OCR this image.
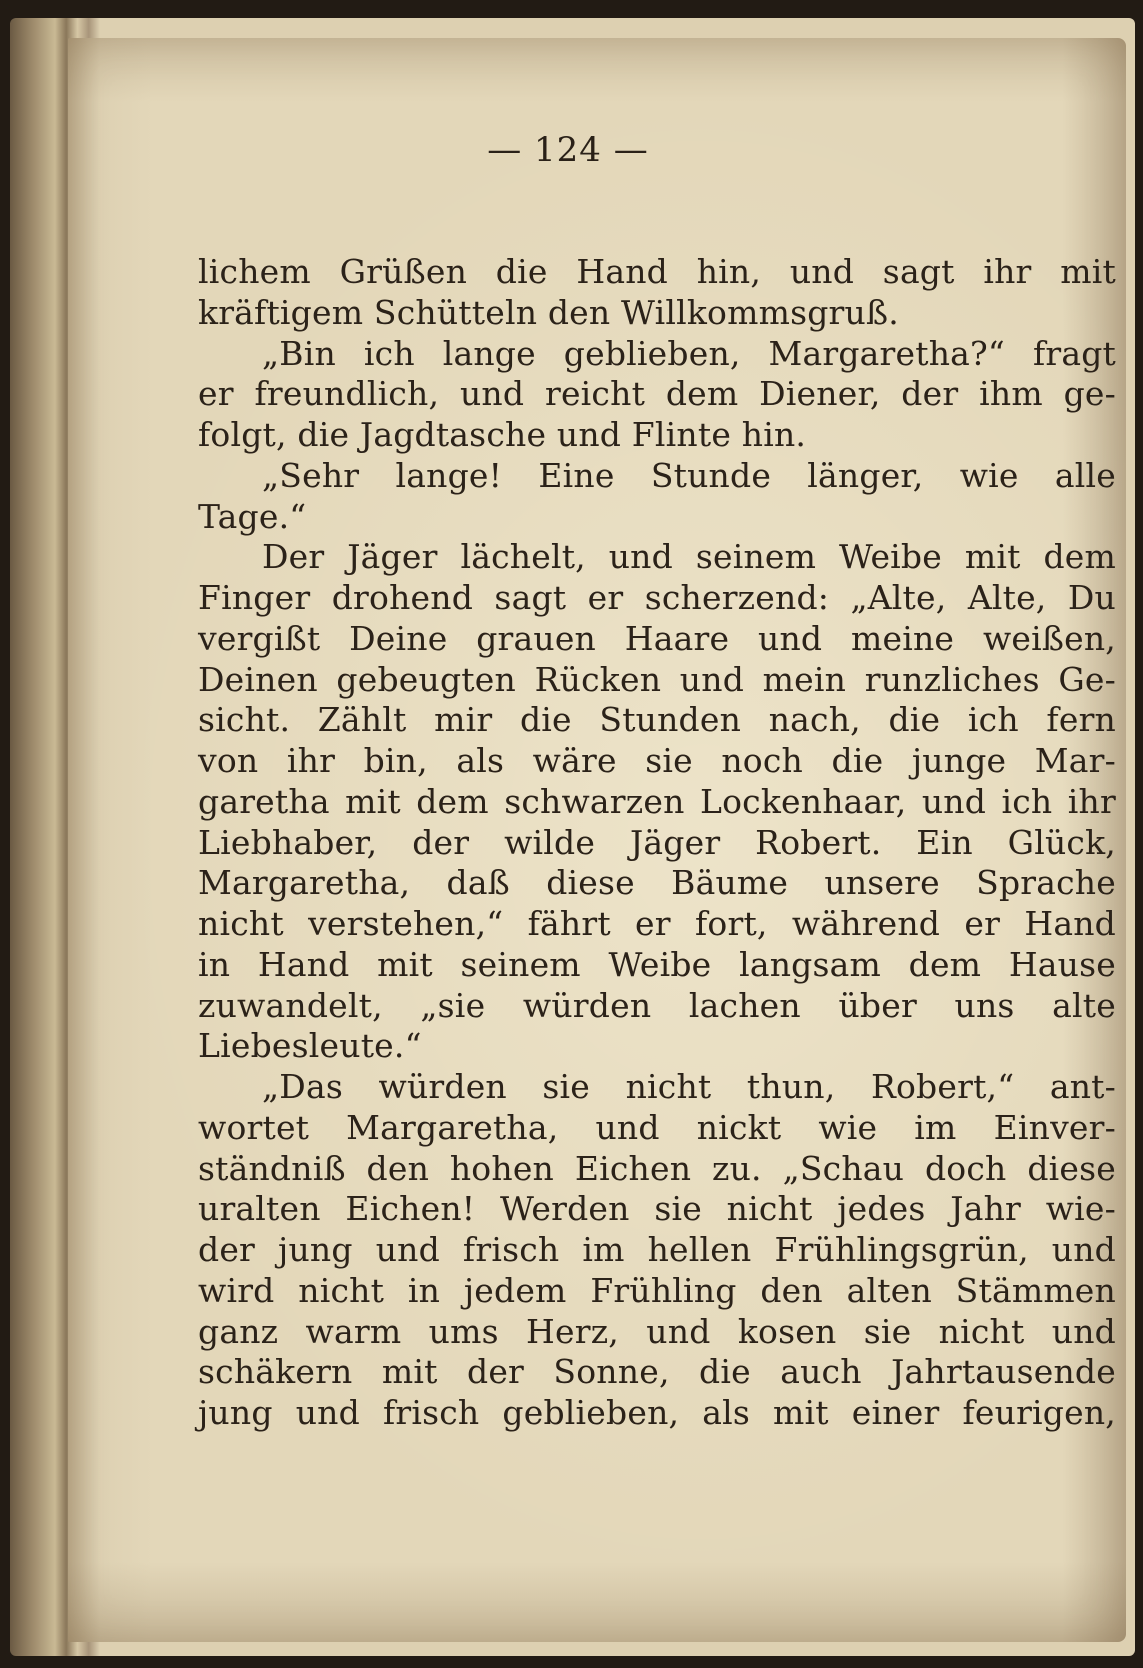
— 124 —
lichem Grüßen die Hand hin, und sagt ihr mit
kräftigem Schütteln den Willkommsgruß.
„Bin ich lange geblieben, Margaretha?“ fragt
er freundlich, und reicht dem Diener, der ihm ge-
folgt, die Jagdtasche und Flinte hin.
„Sehr lange! Eine Stunde länger, wie alle
Tage.“
Der Jäger lächelt, und seinem Weibe mit dem
Finger drohend sagt er scherzend: „Alte, Alte, Du
vergißt Deine grauen Haare und meine weißen,
Deinen gebeugten Rücken und mein runzliches Ge-
sicht. Zählt mir die Stunden nach, die ich fern
von ihr bin, als wäre sie noch die junge Mar-
garetha mit dem schwarzen Lockenhaar, und ich ihr
Liebhaber, der wilde Jäger Robert. Ein Glück,
Margaretha, daß diese Bäume unsere Sprache
nicht verstehen,“ fährt er fort, während er Hand
in Hand mit seinem Weibe langsam dem Hause
zuwandelt, „sie würden lachen über uns alte
Liebesleute.“
„Das würden sie nicht thun, Robert,“ ant-
wortet Margaretha, und nickt wie im Einver-
ständniß den hohen Eichen zu. „Schau doch diese
uralten Eichen! Werden sie nicht jedes Jahr wie-
der jung und frisch im hellen Frühlingsgrün, und
wird nicht in jedem Frühling den alten Stämmen
ganz warm ums Herz, und kosen sie nicht und
schäkern mit der Sonne, die auch Jahrtausende
jung und frisch geblieben, als mit einer feurigen,
